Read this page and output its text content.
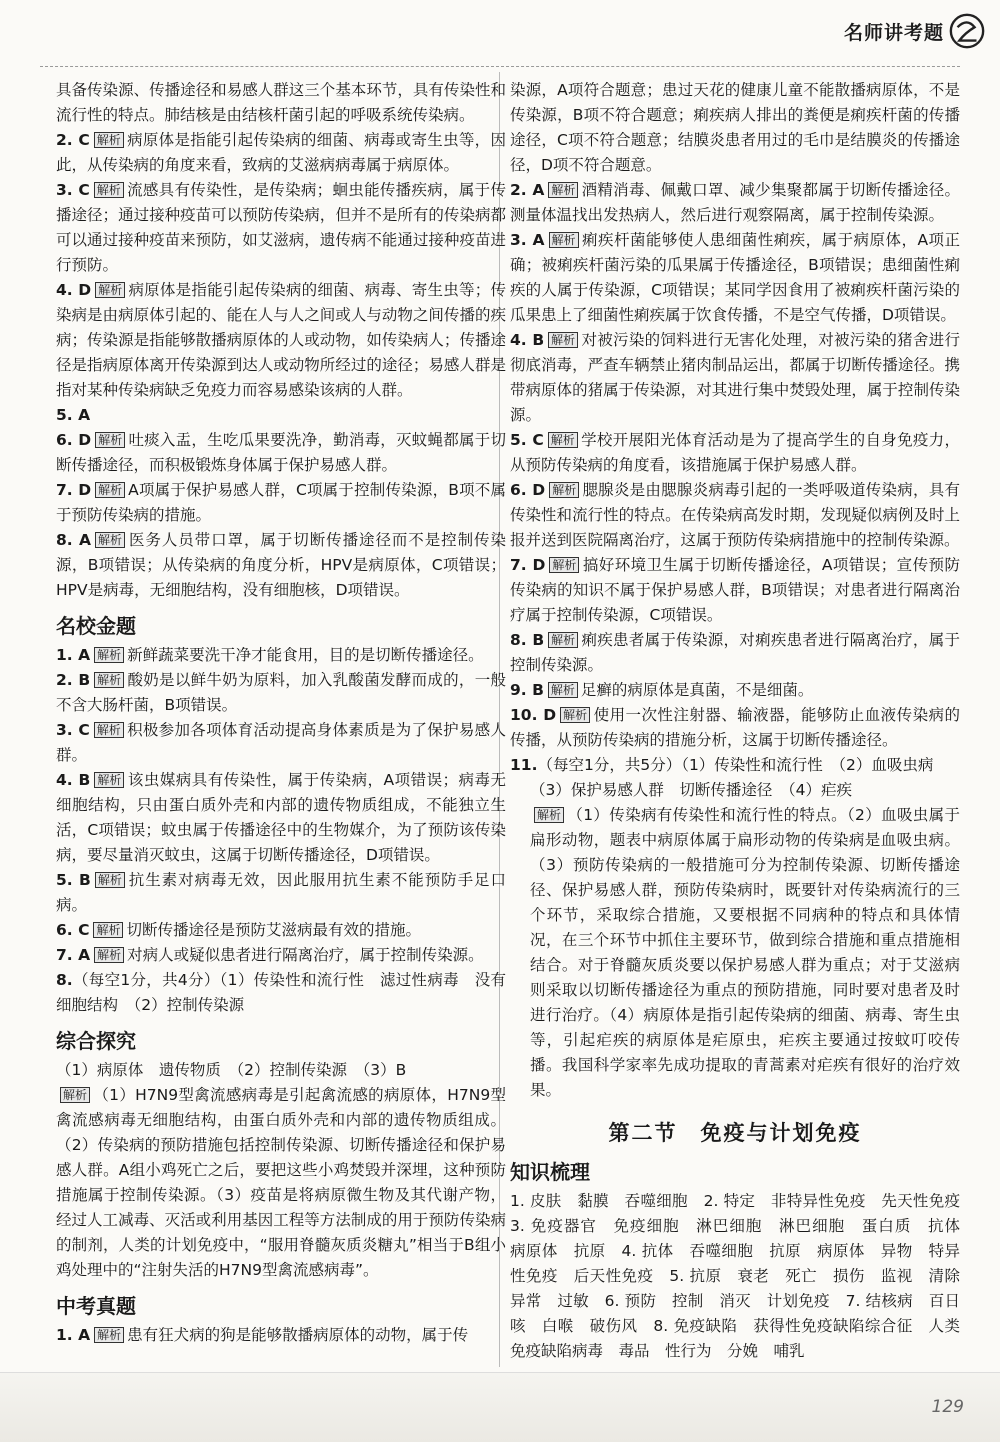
名师讲考题

具备传染源、传播途径和易感人群这三个基本环节，具有传染性和流行性的特点。肺结核是由结核杆菌引起的呼吸系统传染病。

2. C 解析 病原体是指能引起传染病的细菌、病毒或寄生虫等，因此，从传染病的角度来看，致病的艾滋病病毒属于病原体。

3. C 解析 流感具有传染性，是传染病；蛔虫能传播疾病，属于传播途径；通过接种疫苗可以预防传染病，但并不是所有的传染病都可以通过接种疫苗来预防，如艾滋病，遗传病不能通过接种疫苗进行预防。

4. D 解析 病原体是指能引起传染病的细菌、病毒、寄生虫等；传染病是由病原体引起的、能在人与人之间或人与动物之间传播的疾病；传染源是指能够散播病原体的人或动物，如传染病人；传播途径是指病原体离开传染源到达人或动物所经过的途径；易感人群是指对某种传染病缺乏免疫力而容易感染该病的人群。

5. A

6. D 解析 吐痰入盂，生吃瓜果要洗净，勤消毒，灭蚊蝇都属于切断传播途径，而积极锻炼身体属于保护易感人群。

7. D 解析 A项属于保护易感人群，C项属于控制传染源，B项不属于预防传染病的措施。

8. A 解析 医务人员带口罩，属于切断传播途径而不是控制传染源，B项错误；从传染病的角度分析，HPV是病原体，C项错误；HPV是病毒，无细胞结构，没有细胞核，D项错误。

名校金题

1. A 解析 新鲜蔬菜要洗干净才能食用，目的是切断传播途径。

2. B 解析 酸奶是以鲜牛奶为原料，加入乳酸菌发酵而成的，一般不含大肠杆菌，B项错误。

3. C 解析 积极参加各项体育活动提高身体素质是为了保护易感人群。

4. B 解析 该虫媒病具有传染性，属于传染病，A项错误；病毒无细胞结构，只由蛋白质外壳和内部的遗传物质组成，不能独立生活，C项错误；蚊虫属于传播途径中的生物媒介，为了预防该传染病，要尽量消灭蚊虫，这属于切断传播途径，D项错误。

5. B 解析 抗生素对病毒无效，因此服用抗生素不能预防手足口病。

6. C 解析 切断传播途径是预防艾滋病最有效的措施。

7. A 解析 对病人或疑似患者进行隔离治疗，属于控制传染源。

8.（每空1分，共4分）（1）传染性和流行性　滤过性病毒　没有细胞结构　（2）控制传染源

综合探究

（1）病原体　遗传物质　（2）控制传染源　（3）B

解析 （1）H7N9型禽流感病毒是引起禽流感的病原体，H7N9型禽流感病毒无细胞结构，由蛋白质外壳和内部的遗传物质组成。（2）传染病的预防措施包括控制传染源、切断传播途径和保护易感人群。A组小鸡死亡之后，要把这些小鸡焚毁并深埋，这种预防措施属于控制传染源。（3）疫苗是将病原微生物及其代谢产物，经过人工减毒、灭活或利用基因工程等方法制成的用于预防传染病的制剂，人类的计划免疫中，“服用脊髓灰质炎糖丸”相当于B组小鸡处理中的“注射失活的H7N9型禽流感病毒”。

中考真题

1. A 解析 患有狂犬病的狗是能够散播病原体的动物，属于传

染源，A项符合题意；患过天花的健康儿童不能散播病原体，不是传染源，B项不符合题意；痢疾病人排出的粪便是痢疾杆菌的传播途径，C项不符合题意；结膜炎患者用过的毛巾是结膜炎的传播途径，D项不符合题意。

2. A 解析 酒精消毒、佩戴口罩、减少集聚都属于切断传播途径。测量体温找出发热病人，然后进行观察隔离，属于控制传染源。

3. A 解析 痢疾杆菌能够使人患细菌性痢疾，属于病原体，A项正确；被痢疾杆菌污染的瓜果属于传播途径，B项错误；患细菌性痢疾的人属于传染源，C项错误；某同学因食用了被痢疾杆菌污染的瓜果患上了细菌性痢疾属于饮食传播，不是空气传播，D项错误。

4. B 解析 对被污染的饲料进行无害化处理，对被污染的猪舍进行彻底消毒，严查车辆禁止猪肉制品运出，都属于切断传播途径。携带病原体的猪属于传染源，对其进行集中焚毁处理，属于控制传染源。

5. C 解析 学校开展阳光体育活动是为了提高学生的自身免疫力，从预防传染病的角度看，该措施属于保护易感人群。

6. D 解析 腮腺炎是由腮腺炎病毒引起的一类呼吸道传染病，具有传染性和流行性的特点。在传染病高发时期，发现疑似病例及时上报并送到医院隔离治疗，这属于预防传染病措施中的控制传染源。

7. D 解析 搞好环境卫生属于切断传播途径，A项错误；宣传预防传染病的知识不属于保护易感人群，B项错误；对患者进行隔离治疗属于控制传染源，C项错误。

8. B 解析 痢疾患者属于传染源，对痢疾患者进行隔离治疗，属于控制传染源。

9. B 解析 足癣的病原体是真菌，不是细菌。

10. D 解析 使用一次性注射器、输液器，能够防止血液传染病的传播，从预防传染病的措施分析，这属于切断传播途径。

11.（每空1分，共5分）（1）传染性和流行性　（2）血吸虫病

（3）保护易感人群　切断传播途径　（4）疟疾

解析 （1）传染病有传染性和流行性的特点。（2）血吸虫属于扁形动物，题表中病原体属于扁形动物的传染病是血吸虫病。（3）预防传染病的一般措施可分为控制传染源、切断传播途径、保护易感人群，预防传染病时，既要针对传染病流行的三个环节，采取综合措施，又要根据不同病种的特点和具体情况，在三个环节中抓住主要环节，做到综合措施和重点措施相结合。对于脊髓灰质炎要以保护易感人群为重点；对于艾滋病则采取以切断传播途径为重点的预防措施，同时要对患者及时进行治疗。（4）病原体是指引起传染病的细菌、病毒、寄生虫等，引起疟疾的病原体是疟原虫，疟疾主要通过按蚊叮咬传播。我国科学家率先成功提取的青蒿素对疟疾有很好的治疗效果。

第二节　免疫与计划免疫

知识梳理

1. 皮肤　黏膜　吞噬细胞　2. 特定　非特异性免疫　先天性免疫　3. 免疫器官　免疫细胞　淋巴细胞　淋巴细胞　蛋白质　抗体　病原体　抗原　4. 抗体　吞噬细胞　抗原　病原体　异物　特异性免疫　后天性免疫　5. 抗原　衰老　死亡　损伤　监视　清除　异常　过敏　6. 预防　控制　消灭　计划免疫　7. 结核病　百日咳　白喉　破伤风　8. 免疫缺陷　获得性免疫缺陷综合征　人类免疫缺陷病毒　毒品　性行为　分娩　哺乳

129
